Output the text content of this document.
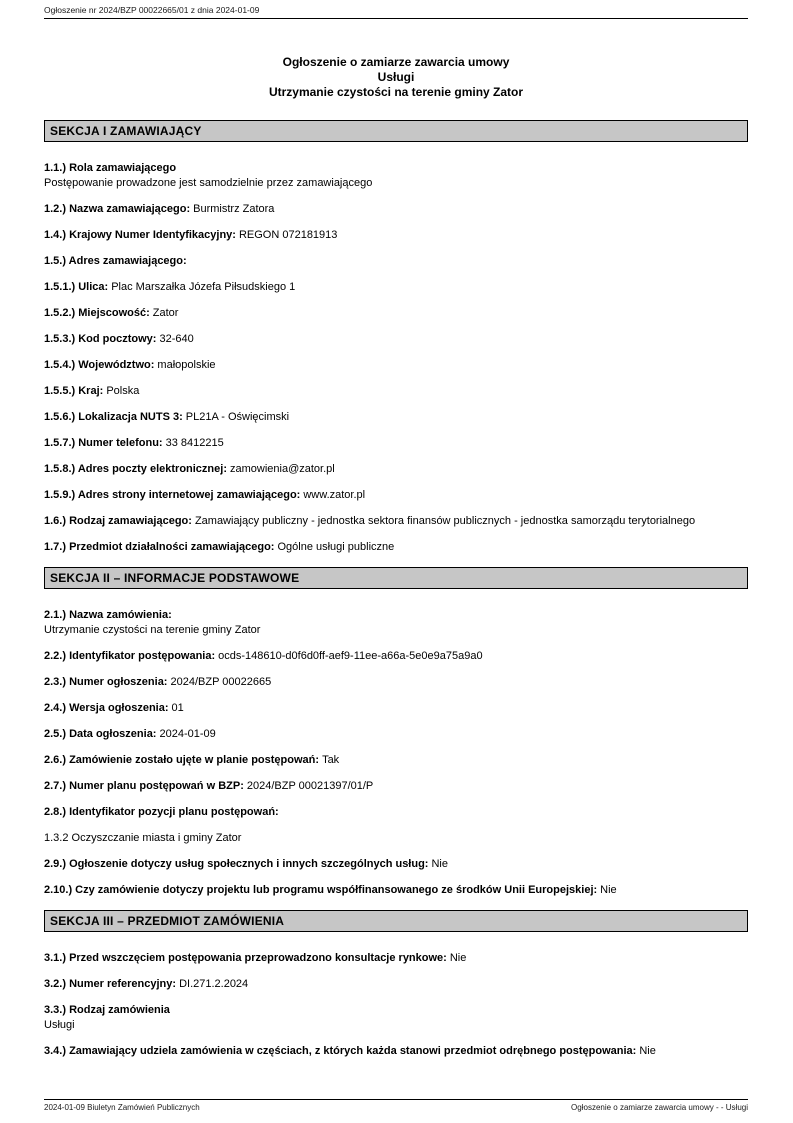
Ogłoszenie nr 2024/BZP 00022665/01 z dnia 2024-01-09
Ogłoszenie o zamiarze zawarcia umowy
Usługi
Utrzymanie czystości na terenie gminy Zator
SEKCJA I ZAMAWIAJĄCY

1.1.) Rola zamawiającego
Postępowanie prowadzone jest samodzielnie przez zamawiającego

1.2.) Nazwa zamawiającego: Burmistrz Zatora

1.4.) Krajowy Numer Identyfikacyjny: REGON 072181913

1.5.) Adres zamawiającego:

1.5.1.) Ulica: Plac Marszałka Józefa Piłsudskiego 1

1.5.2.) Miejscowość: Zator

1.5.3.) Kod pocztowy: 32-640

1.5.4.) Województwo: małopolskie

1.5.5.) Kraj: Polska

1.5.6.) Lokalizacja NUTS 3: PL21A - Oświęcimski

1.5.7.) Numer telefonu: 33 8412215

1.5.8.) Adres poczty elektronicznej: zamowienia@zator.pl

1.5.9.) Adres strony internetowej zamawiającego: www.zator.pl

1.6.) Rodzaj zamawiającego: Zamawiający publiczny - jednostka sektora finansów publicznych - jednostka samorządu terytorialnego

1.7.) Przedmiot działalności zamawiającego: Ogólne usługi publiczne

SEKCJA II – INFORMACJE PODSTAWOWE

2.1.) Nazwa zamówienia:
Utrzymanie czystości na terenie gminy Zator

2.2.) Identyfikator postępowania: ocds-148610-d0f6d0ff-aef9-11ee-a66a-5e0e9a75a9a0

2.3.) Numer ogłoszenia: 2024/BZP 00022665

2.4.) Wersja ogłoszenia: 01

2.5.) Data ogłoszenia: 2024-01-09

2.6.) Zamówienie zostało ujęte w planie postępowań: Tak

2.7.) Numer planu postępowań w BZP: 2024/BZP 00021397/01/P

2.8.) Identyfikator pozycji planu postępowań:

1.3.2 Oczyszczanie miasta i gminy Zator

2.9.) Ogłoszenie dotyczy usług społecznych i innych szczególnych usług: Nie

2.10.) Czy zamówienie dotyczy projektu lub programu współfinansowanego ze środków Unii Europejskiej: Nie

SEKCJA III – PRZEDMIOT ZAMÓWIENIA

3.1.) Przed wszczęciem postępowania przeprowadzono konsultacje rynkowe: Nie

3.2.) Numer referencyjny: DI.271.2.2024

3.3.) Rodzaj zamówienia
Usługi

3.4.) Zamawiający udziela zamówienia w częściach, z których każda stanowi przedmiot odrębnego postępowania: Nie

2024-01-09 Biuletyn Zamówień Publicznych	Ogłoszenie o zamiarze zawarcia umowy - - Usługi
